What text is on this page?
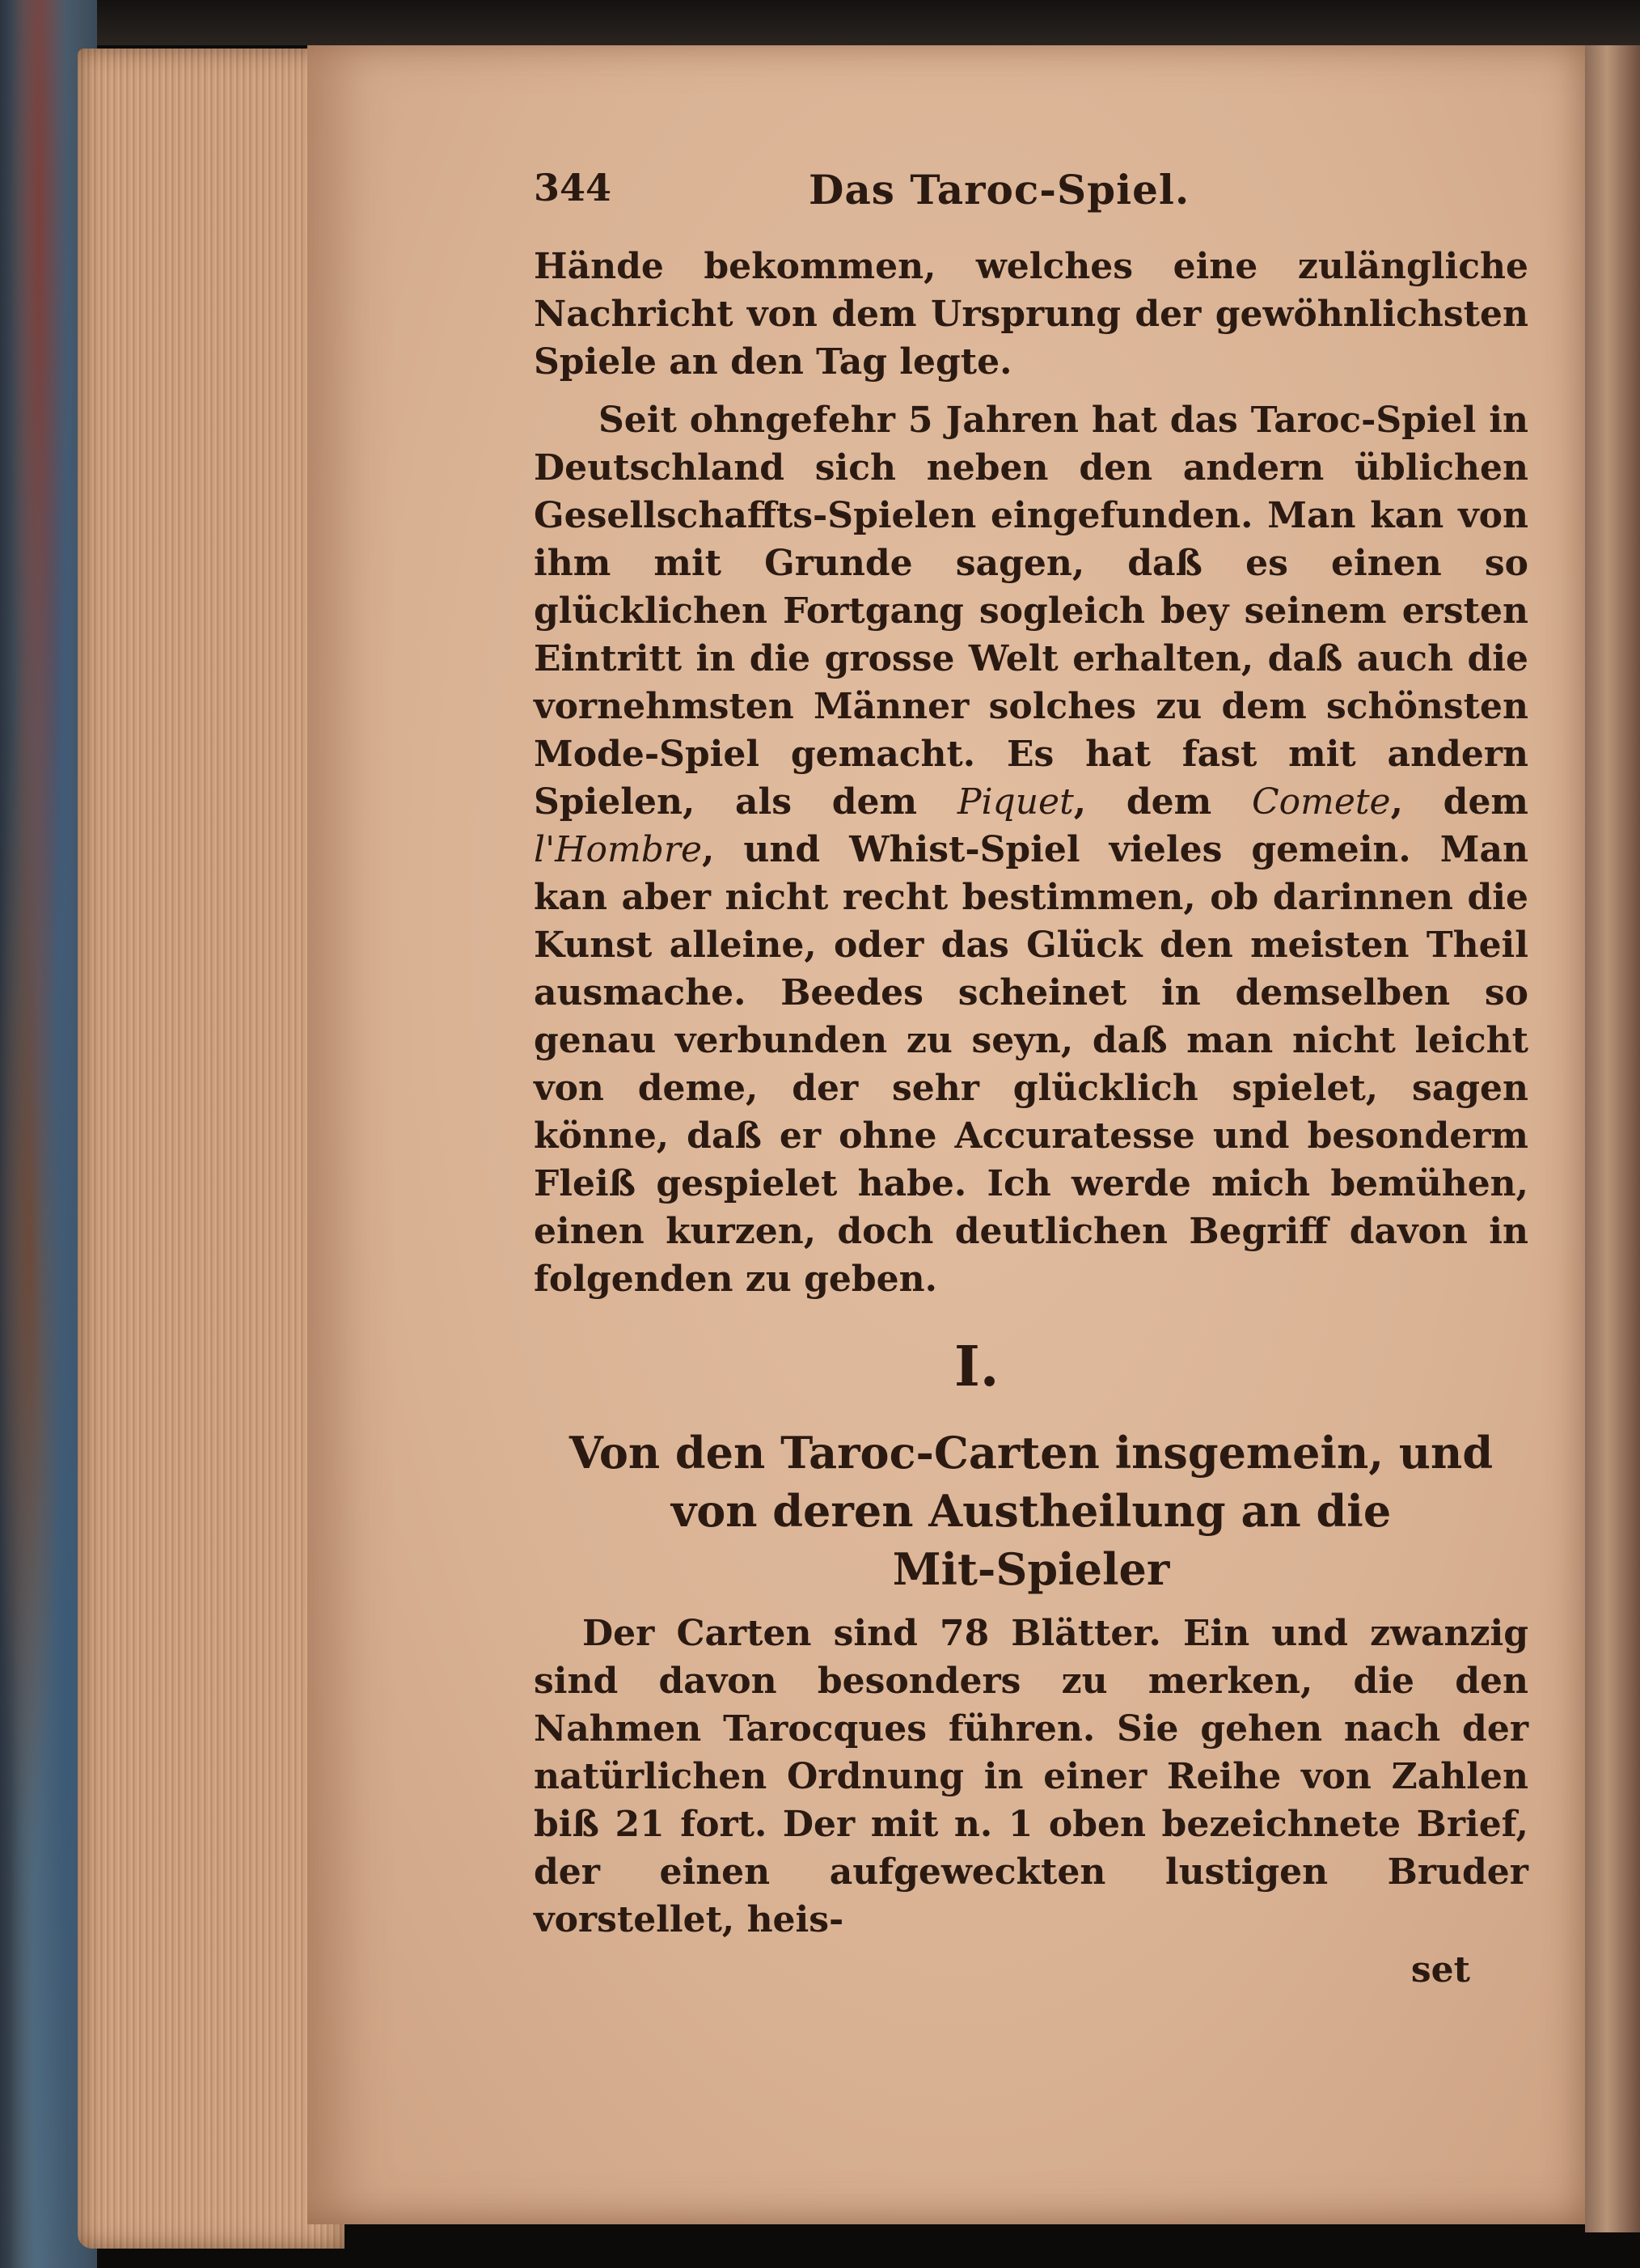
344	Das Taroc-Spiel.
Hände bekommen, welches eine zulängliche Nachricht von dem Ursprung der gewöhnlichsten Spiele an den Tag legte.
Seit ohngefehr 5 Jahren hat das Taroc-Spiel in Deutschland sich neben den andern üblichen Gesellschaffts-Spielen eingefunden. Man kan von ihm mit Grunde sagen, daß es einen so glücklichen Fortgang sogleich bey seinem ersten Eintritt in die grosse Welt erhalten, daß auch die vornehmsten Männer solches zu dem schönsten Mode-Spiel gemacht. Es hat fast mit andern Spielen, als dem Piquet, dem Comete, dem l'Hombre, und Whist-Spiel vieles gemein. Man kan aber nicht recht bestimmen, ob darinnen die Kunst alleine, oder das Glück den meisten Theil ausmache. Beedes scheinet in demselben so genau verbunden zu seyn, daß man nicht leicht von deme, der sehr glücklich spielet, sagen könne, daß er ohne Accuratesse und besonderm Fleiß gespielet habe. Ich werde mich bemühen, einen kurzen, doch deutlichen Begriff davon in folgenden zu geben.
I.
Von den Taroc-Carten insgemein, und
von deren Austheilung an die
Mit-Spieler
Der Carten sind 78 Blätter. Ein und zwanzig sind davon besonders zu merken, die den Nahmen Tarocques führen. Sie gehen nach der natürlichen Ordnung in einer Reihe von Zahlen biß 21 fort. Der mit n. 1 oben bezeichnete Brief, der einen aufgeweckten lustigen Bruder vorstellet, heis-
set
